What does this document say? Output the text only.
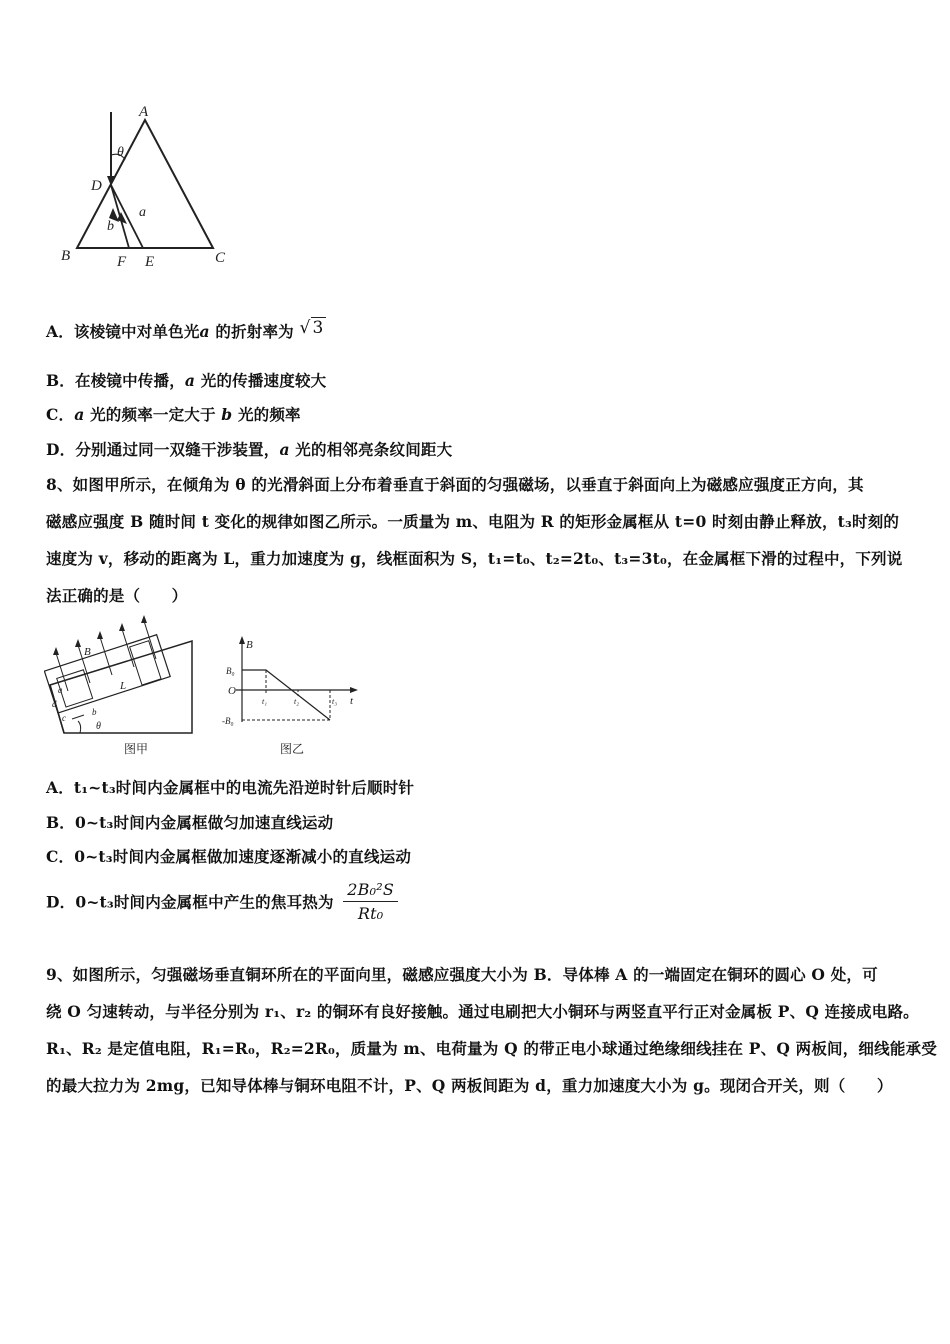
A
B	C
D
E
F
θ
a
b
A．该棱镜中对单色光a 的折射率为 √ 3
B．在棱镜中传播，a 光的传播速度较大
C．a 光的频率一定大于 b 光的频率
D．分别通过同一双缝干涉装置，a 光的相邻亮条纹间距大
8、如图甲所示，在倾角为 θ 的光滑斜面上分布着垂直于斜面的匀强磁场，以垂直于斜面向上为磁感应强度正方向，其
磁感应强度 B 随时间 t 变化的规律如图乙所示。一质量为 m、电阻为 R 的矩形金属框从 t=0 时刻由静止释放，t₃时刻的
速度为 v，移动的距离为 L，重力加速度为 g，线框面积为 S，t₁=t₀、t₂=2t₀、t₃=3t₀，在金属框下滑的过程中，下列说
法正确的是（　　）
B
L
a
b
c
d
θ
图甲
B
B₀
O
-B₀
t
t₁	t₂	t₃
图乙
A．t₁~t₃时间内金属框中的电流先沿逆时针后顺时针
B．0~t₃时间内金属框做匀加速直线运动
C．0~t₃时间内金属框做加速度逐渐减小的直线运动
D．0~t₃时间内金属框中产生的焦耳热为 $\frac{\text{2B₀²S}}{\text{Rt₀}}$
9、如图所示，匀强磁场垂直铜环所在的平面向里，磁感应强度大小为 B．导体棒 A 的一端固定在铜环的圆心 O 处，可
绕 O 匀速转动，与半径分别为 r₁、r₂ 的铜环有良好接触。通过电刷把大小铜环与两竖直平行正对金属板 P、Q 连接成电路。
R₁、R₂ 是定值电阻，R₁=R₀，R₂=2R₀，质量为 m、电荷量为 Q 的带正电小球通过绝缘细线挂在 P、Q 两板间，细线能承受
的最大拉力为 2mg，已知导体棒与铜环电阻不计，P、Q 两板间距为 d，重力加速度大小为 g。现闭合开关，则（　　）
